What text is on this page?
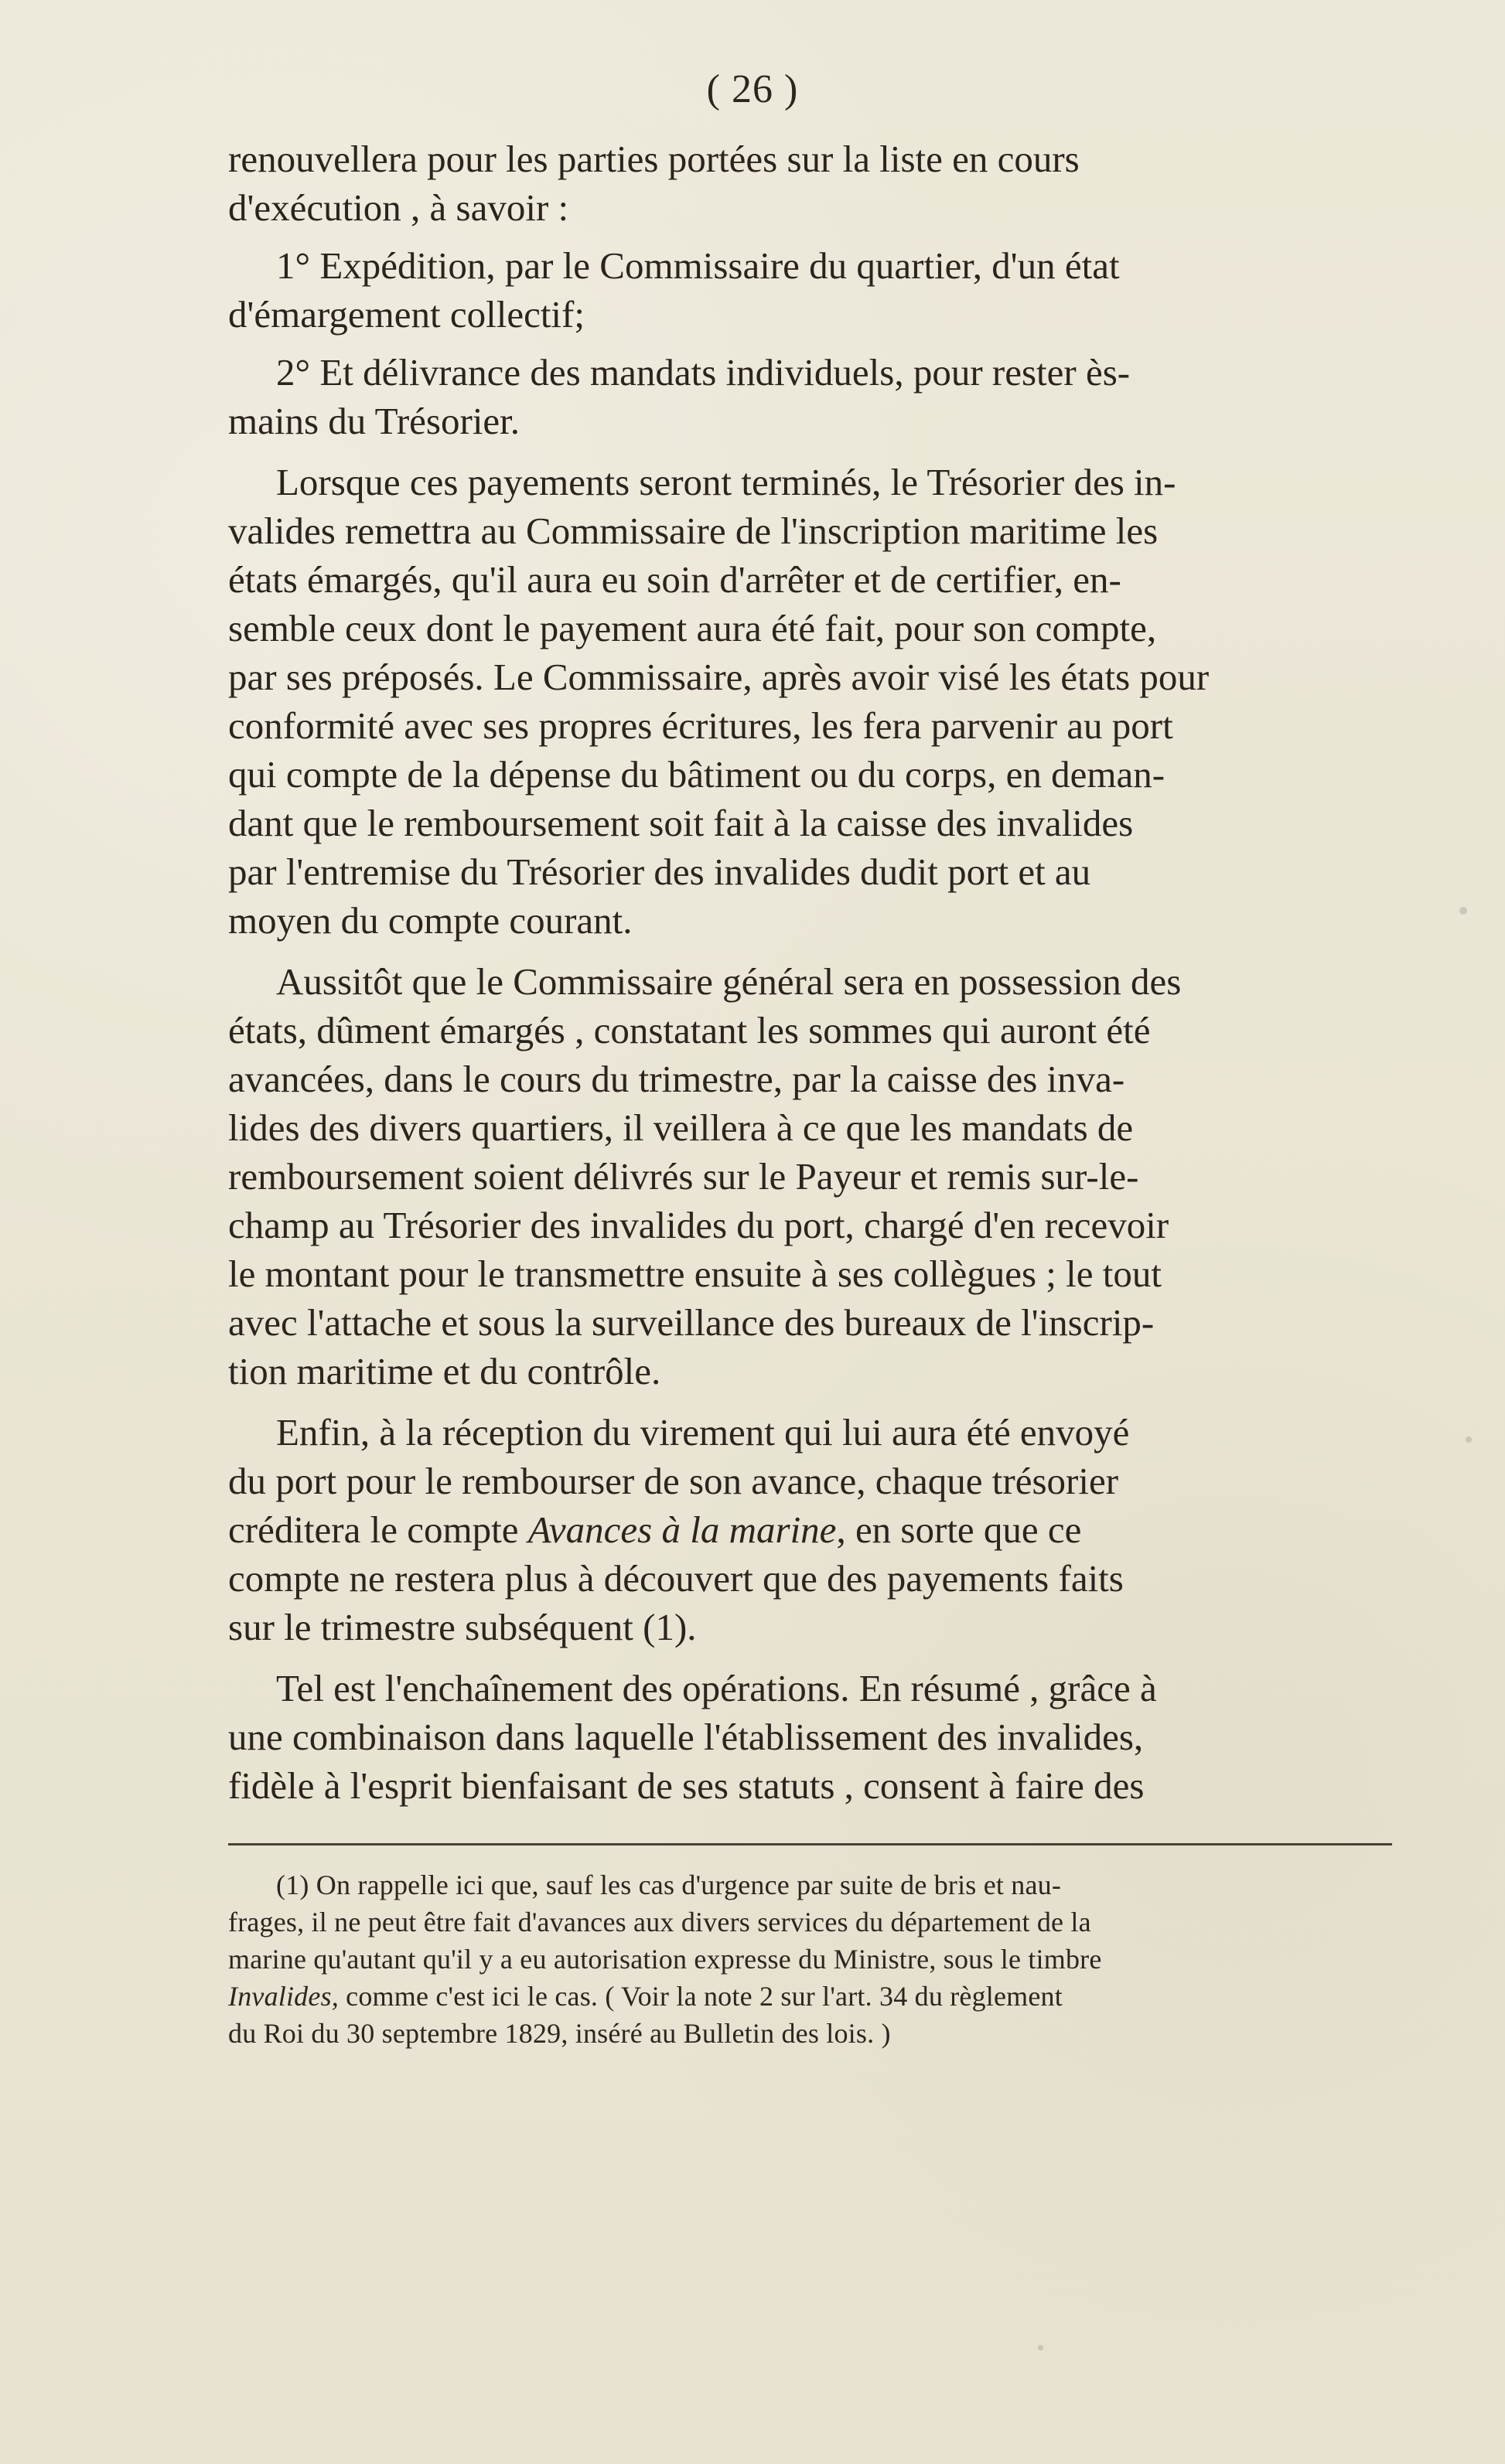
( 26 )
renouvellera pour les parties portées sur la liste en cours
d'exécution , à savoir :
1° Expédition, par le Commissaire du quartier, d'un état
d'émargement collectif;
2° Et délivrance des mandats individuels, pour rester ès-
mains du Trésorier.
Lorsque ces payements seront terminés, le Trésorier des in-
valides remettra au Commissaire de l'inscription maritime les
états émargés, qu'il aura eu soin d'arrêter et de certifier, en-
semble ceux dont le payement aura été fait, pour son compte,
par ses préposés. Le Commissaire, après avoir visé les états pour
conformité avec ses propres écritures, les fera parvenir au port
qui compte de la dépense du bâtiment ou du corps, en deman-
dant que le remboursement soit fait à la caisse des invalides
par l'entremise du Trésorier des invalides dudit port et au
moyen du compte courant.
Aussitôt que le Commissaire général sera en possession des
états, dûment émargés , constatant les sommes qui auront été
avancées, dans le cours du trimestre, par la caisse des inva-
lides des divers quartiers, il veillera à ce que les mandats de
remboursement soient délivrés sur le Payeur et remis sur-le-
champ au Trésorier des invalides du port, chargé d'en recevoir
le montant pour le transmettre ensuite à ses collègues ; le tout
avec l'attache et sous la surveillance des bureaux de l'inscrip-
tion maritime et du contrôle.
Enfin, à la réception du virement qui lui aura été envoyé
du port pour le rembourser de son avance, chaque trésorier
créditera le compte Avances à la marine, en sorte que ce
compte ne restera plus à découvert que des payements faits
sur le trimestre subséquent (1).
Tel est l'enchaînement des opérations. En résumé , grâce à
une combinaison dans laquelle l'établissement des invalides,
fidèle à l'esprit bienfaisant de ses statuts , consent à faire des
(1) On rappelle ici que, sauf les cas d'urgence par suite de bris et nau-
frages, il ne peut être fait d'avances aux divers services du département de la
marine qu'autant qu'il y a eu autorisation expresse du Ministre, sous le timbre
Invalides, comme c'est ici le cas. ( Voir la note 2 sur l'art. 34 du règlement
du Roi du 30 septembre 1829, inséré au Bulletin des lois. )
